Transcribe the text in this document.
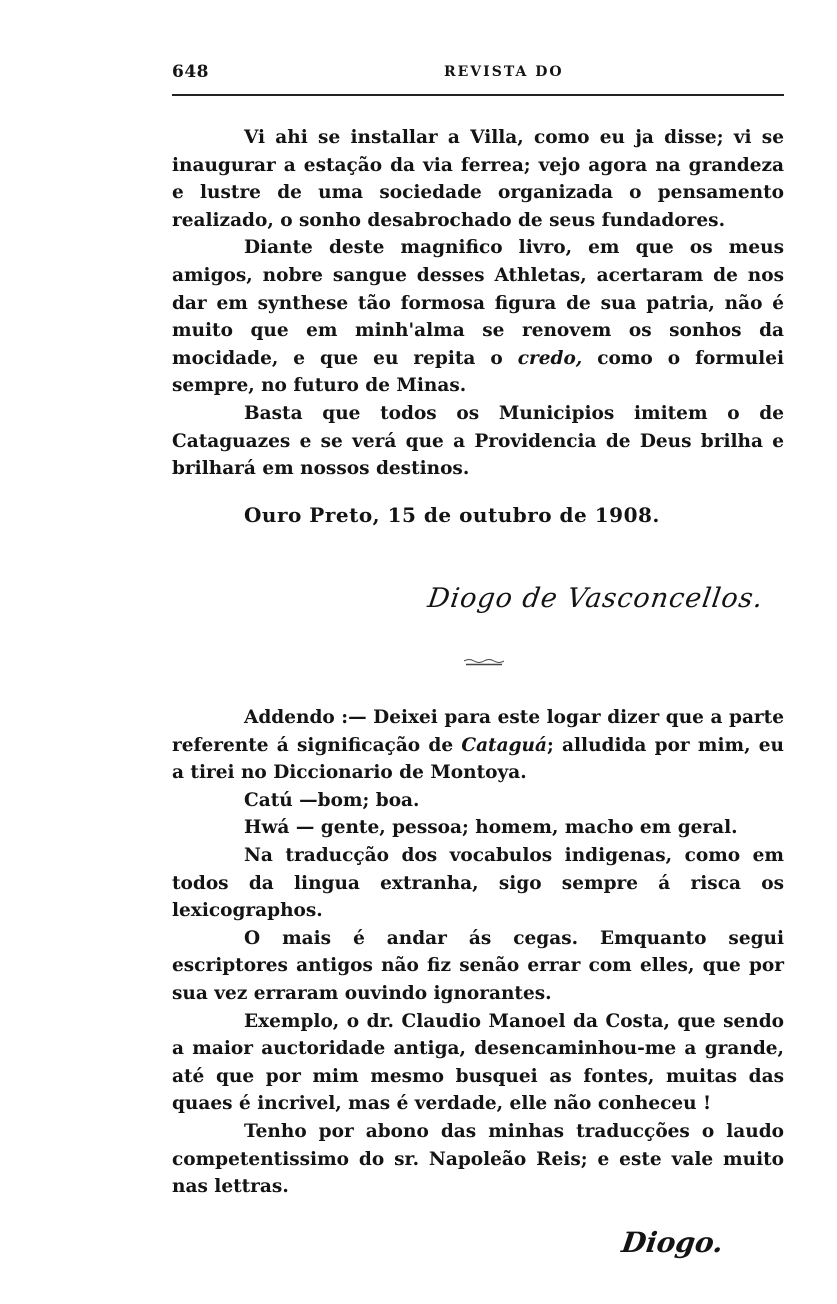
648	REVISTA DO

Vi ahi se installar a Villa, como eu ja disse; vi se inaugurar a estação da via ferrea; vejo agora na grandeza e lustre de uma sociedade organizada o pensamento realizado, o sonho desabrochado de seus fundadores.

Diante deste magnifico livro, em que os meus amigos, nobre sangue desses Athletas, acertaram de nos dar em synthese tão formosa figura de sua patria, não é muito que em minh'alma se renovem os sonhos da mocidade, e que eu repita o credo, como o formulei sempre, no futuro de Minas.

Basta que todos os Municipios imitem o de Cataguazes e se verá que a Providencia de Deus brilha e brilhará em nossos destinos.

Ouro Preto, 15 de outubro de 1908.
Diogo de Vasconcellos.

Addendo :— Deixei para este logar dizer que a parte referente á significação de Cataguá; alludida por mim, eu a tirei no Diccionario de Montoya.

Catú —bom; boa.

Hwá — gente, pessoa; homem, macho em geral.

Na traducção dos vocabulos indigenas, como em todos da lingua extranha, sigo sempre á risca os lexicographos.

O mais é andar ás cegas. Emquanto segui escriptores antigos não fiz senão errar com elles, que por sua vez erraram ouvindo ignorantes.

Exemplo, o dr. Claudio Manoel da Costa, que sendo a maior auctoridade antiga, desencaminhou-me a grande, até que por mim mesmo busquei as fontes, muitas das quaes é incrivel, mas é verdade, elle não conheceu !

Tenho por abono das minhas traducções o laudo competentissimo do sr. Napoleão Reis; e este vale muito nas lettras.

Diogo.
